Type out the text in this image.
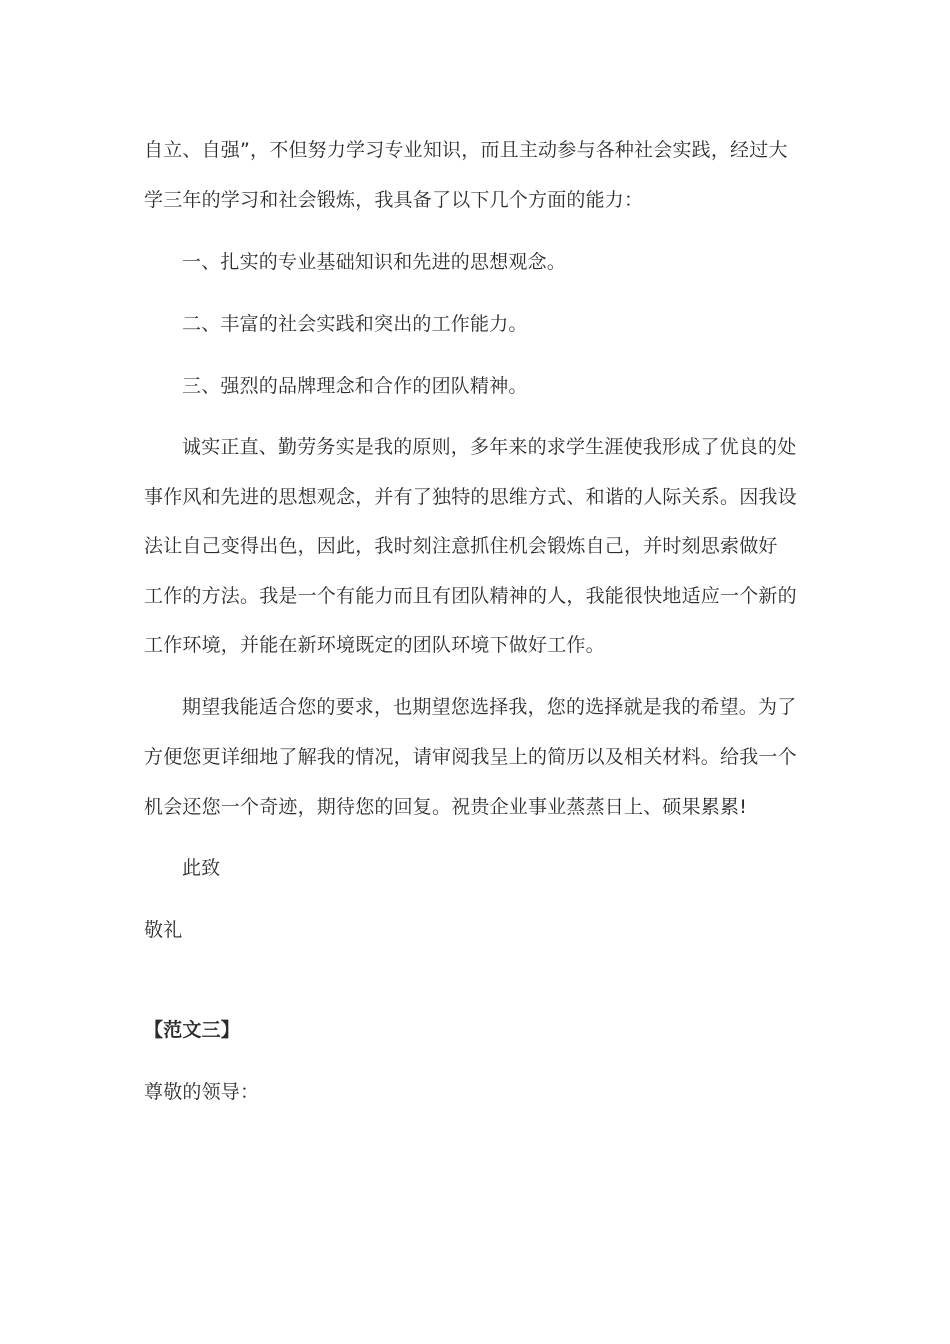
自立、自强”，不但努力学习专业知识，而且主动参与各种社会实践，经过大
学三年的学习和社会锻炼，我具备了以下几个方面的能力：
一、扎实的专业基础知识和先进的思想观念。
二、丰富的社会实践和突出的工作能力。
三、强烈的品牌理念和合作的团队精神。
诚实正直、勤劳务实是我的原则，多年来的求学生涯使我形成了优良的处
事作风和先进的思想观念，并有了独特的思维方式、和谐的人际关系。因我设
法让自己变得出色，因此，我时刻注意抓住机会锻炼自己，并时刻思索做好
工作的方法。我是一个有能力而且有团队精神的人，我能很快地适应一个新的
工作环境，并能在新环境既定的团队环境下做好工作。
期望我能适合您的要求，也期望您选择我，您的选择就是我的希望。为了
方便您更详细地了解我的情况，请审阅我呈上的简历以及相关材料。给我一个
机会还您一个奇迹，期待您的回复。祝贵企业事业蒸蒸日上、硕果累累!
此致
敬礼
【范文三】
尊敬的领导：
